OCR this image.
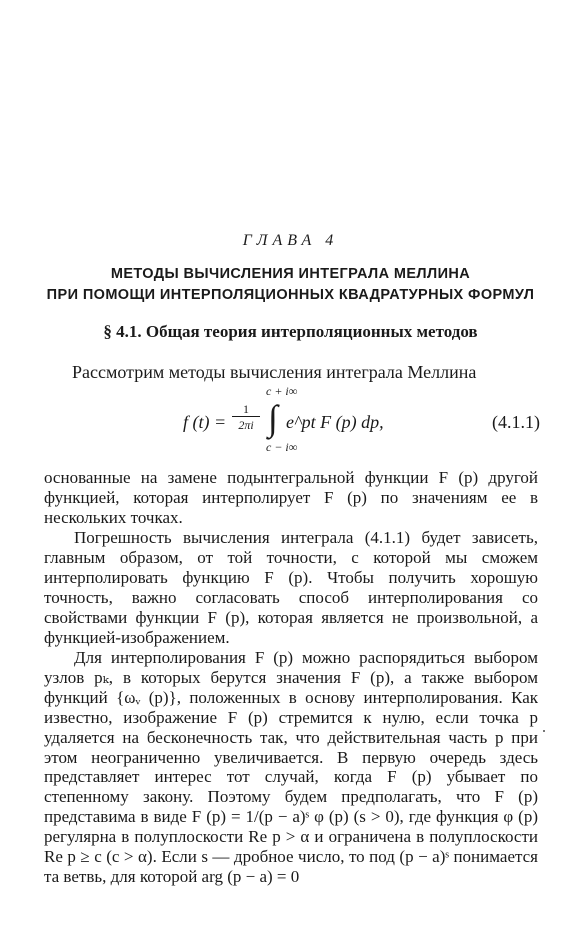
ГЛАВА 4
МЕТОДЫ ВЫЧИСЛЕНИЯ ИНТЕГРАЛА МЕЛЛИНА
ПРИ ПОМОЩИ ИНТЕРПОЛЯЦИОННЫХ КВАДРАТУРНЫХ ФОРМУЛ
§ 4.1. Общая теория интерполяционных методов
Рассмотрим методы вычисления интеграла Меллина
f $(t) = \frac{1}{2\pi i}$
c + i∞
∫
c − i∞
e^pt F (p) dp,	(4.1.1)
основанные на замене подынтегральной функции F (p) другой функцией, которая интерполирует F (p) по значениям ее в нескольких точках.
Погрешность вычисления интеграла (4.1.1) будет зависеть, главным образом, от той точности, с которой мы сможем интерполировать функцию F (p). Чтобы получить хорошую точность, важно согласовать способ интерполирования со свойствами функции F (p), которая является не произвольной, а функцией-изображением.
Для интерполирования F (p) можно распорядиться выбором узлов pₖ, в которых берутся значения F (p), а также выбором функций {ωᵥ (p)}, положенных в основу интерполирования. Как известно, изображение F (p) стремится к нулю, если точка p удаляется на бесконечность так, что действительная часть p при этом неограниченно увеличивается. В первую очередь здесь представляет интерес тот случай, когда F (p) убывает по степенному закону. Поэтому будем предполагать, что F (p) представима в виде F (p) = 1/(p − a)ˢ φ (p) (s > 0), где функция φ (p) регулярна в полуплоскости Re p > α и ограничена в полуплоскости Re p ≥ c (c > α). Если s — дробное число, то под (p − a)ˢ понимается та ветвь, для которой arg (p − a) = 0
